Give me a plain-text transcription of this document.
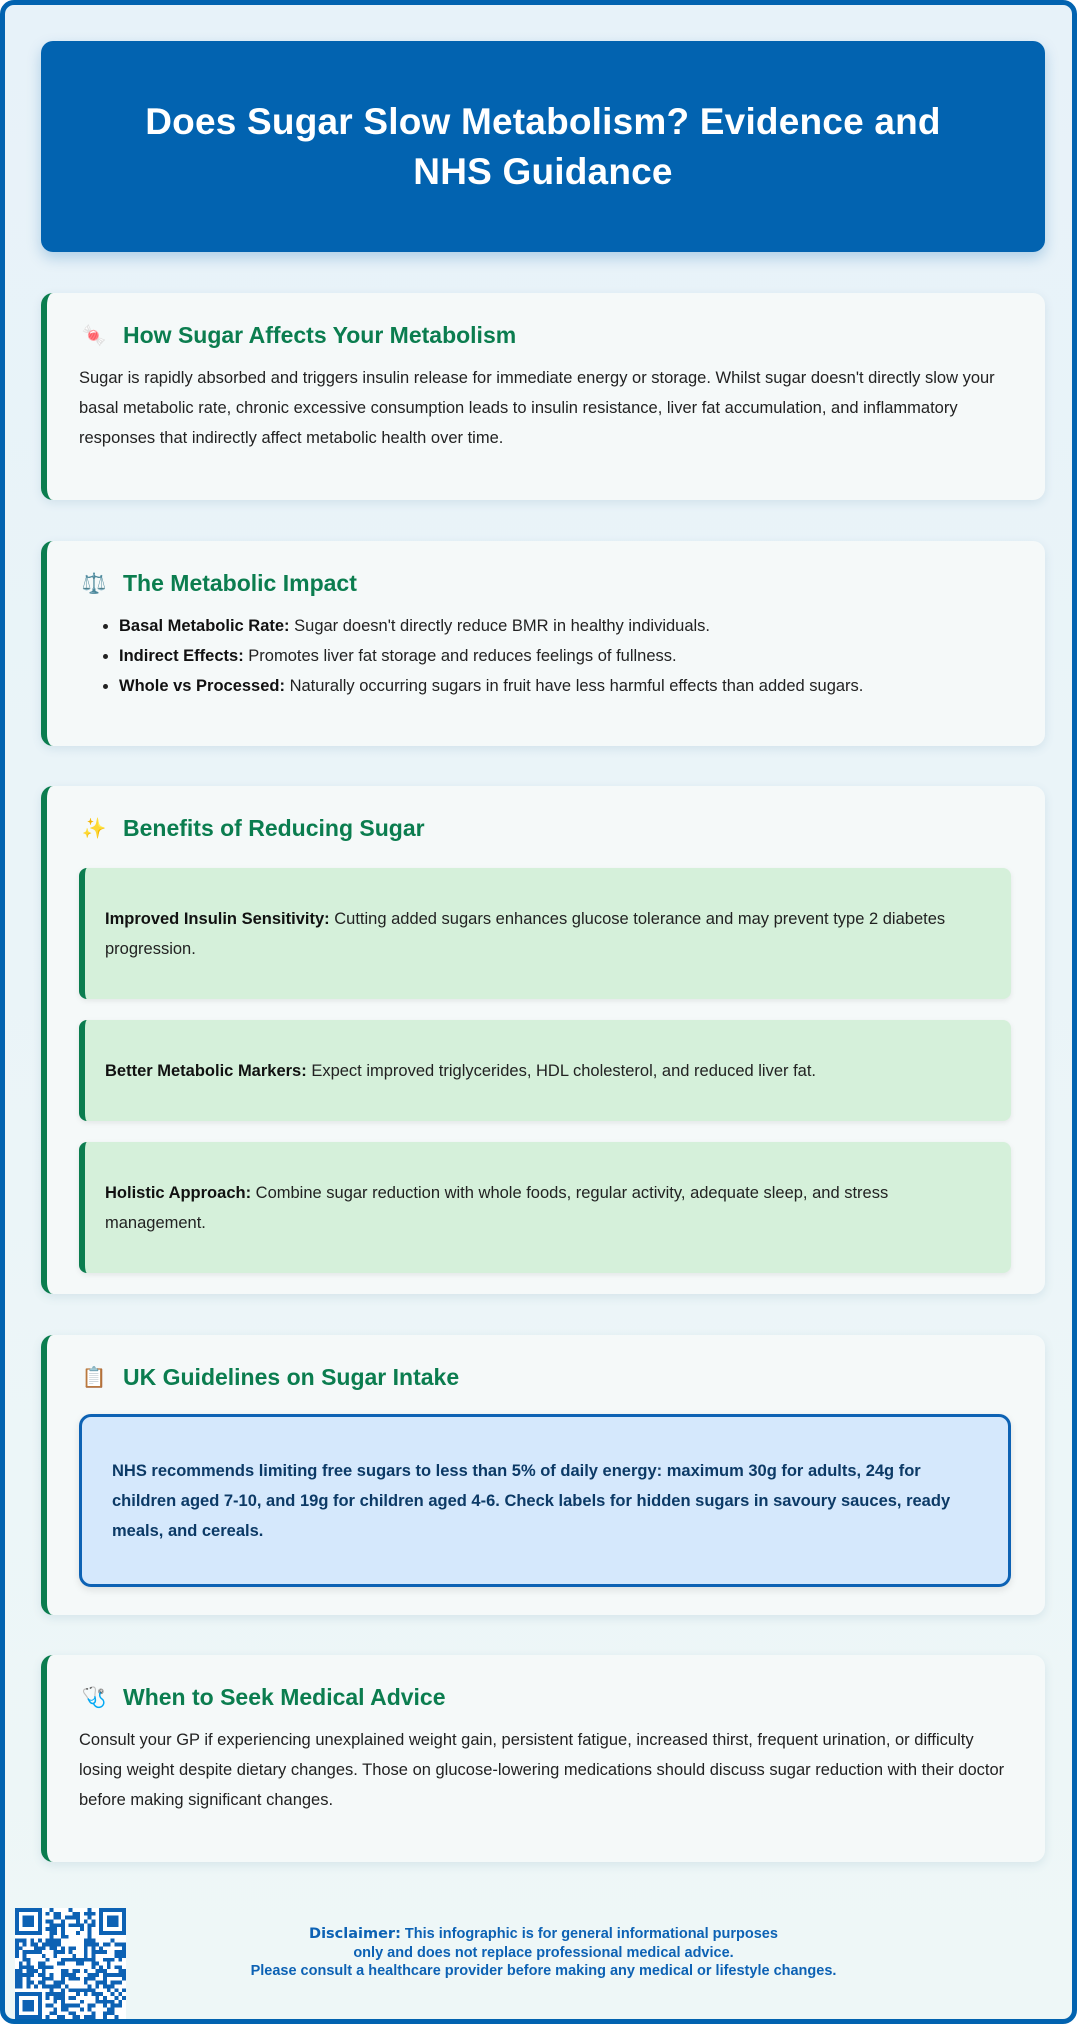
Does Sugar Slow Metabolism? Evidence and NHS Guidance
🍬 How Sugar Affects Your Metabolism

Sugar is rapidly absorbed and triggers insulin release for immediate energy or storage. Whilst sugar doesn't directly slow your basal metabolic rate, chronic excessive consumption leads to insulin resistance, liver fat accumulation, and inflammatory responses that indirectly affect metabolic health over time.

⚖️ The Metabolic Impact
• Basal Metabolic Rate: Sugar doesn't directly reduce BMR in healthy individuals.
• Indirect Effects: Promotes liver fat storage and reduces feelings of fullness.
• Whole vs Processed: Naturally occurring sugars in fruit have less harmful effects than added sugars.
✨ Benefits of Reducing Sugar
Improved Insulin Sensitivity: Cutting added sugars enhances glucose tolerance and may prevent type 2 diabetes progression.
Better Metabolic Markers: Expect improved triglycerides, HDL cholesterol, and reduced liver fat.
Holistic Approach: Combine sugar reduction with whole foods, regular activity, adequate sleep, and stress management.
📋 UK Guidelines on Sugar Intake
NHS recommends limiting free sugars to less than 5% of daily energy: maximum 30g for adults, 24g for children aged 7-10, and 19g for children aged 4-6. Check labels for hidden sugars in savoury sauces, ready meals, and cereals.
🩺 When to Seek Medical Advice

Consult your GP if experiencing unexplained weight gain, persistent fatigue, increased thirst, frequent urination, or difficulty losing weight despite dietary changes. Those on glucose-lowering medications should discuss sugar reduction with their doctor before making significant changes.

Disclaimer: This infographic is for general informational purposes
only and does not replace professional medical advice.
Please consult a healthcare provider before making any medical or lifestyle changes.
